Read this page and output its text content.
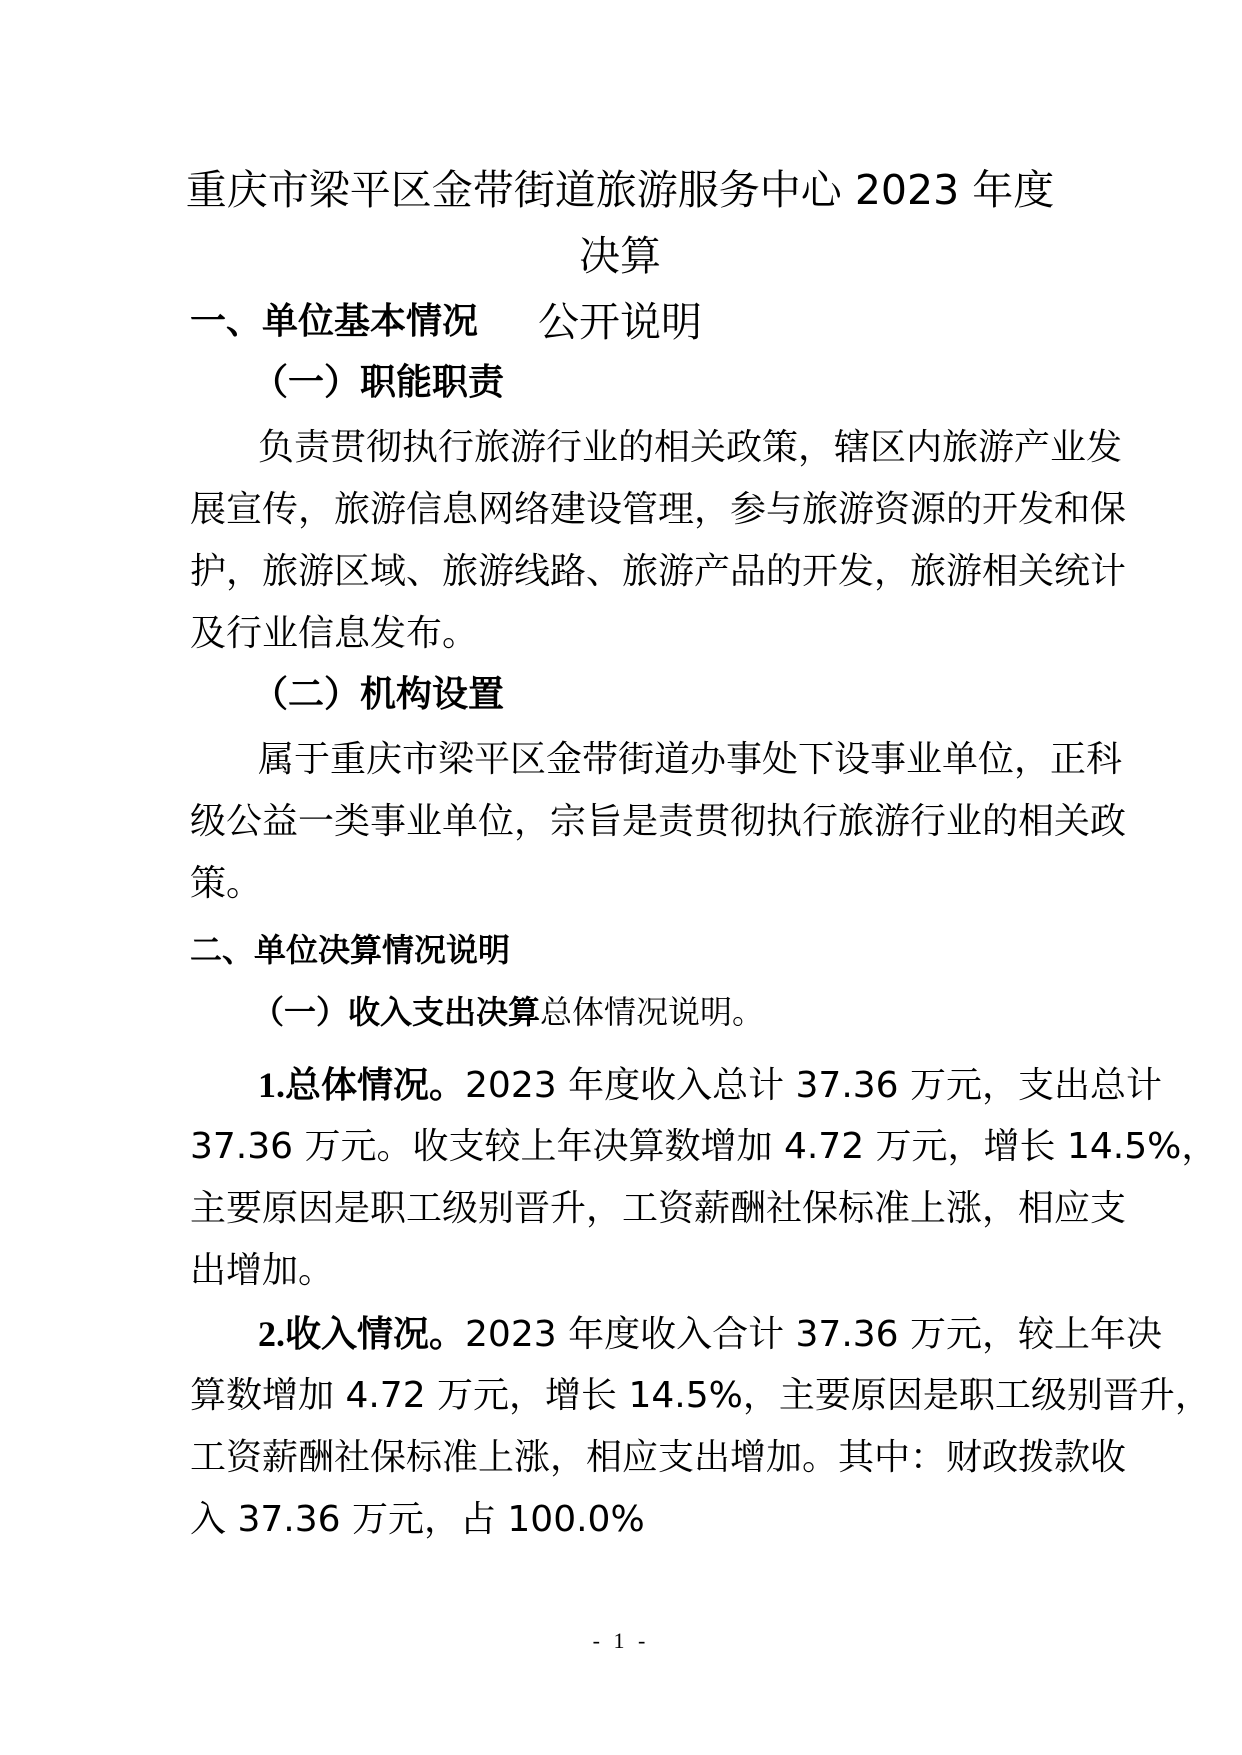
重庆市梁平区金带街道旅游服务中心 2023 年度决算
公开说明
一、单位基本情况
（一）职能职责
负责贯彻执行旅游行业的相关政策，辖区内旅游产业发
展宣传，旅游信息网络建设管理，参与旅游资源的开发和保
护，旅游区域、旅游线路、旅游产品的开发，旅游相关统计
及行业信息发布。
（二）机构设置
属于重庆市梁平区金带街道办事处下设事业单位，正科
级公益一类事业单位，宗旨是责贯彻执行旅游行业的相关政
策。
二、单位决算情况说明
（一）收入支出决算总体情况说明。
1.总体情况。2023 年度收入总计 37.36 万元，支出总计
37.36 万元。收支较上年决算数增加 4.72 万元，增长 14.5%，
主要原因是职工级别晋升，工资薪酬社保标准上涨，相应支
出增加。
2.收入情况。2023 年度收入合计 37.36 万元，较上年决
算数增加 4.72 万元，增长 14.5%，主要原因是职工级别晋升，
工资薪酬社保标准上涨，相应支出增加。其中：财政拨款收
入 37.36 万元，占 100.0%
- 1 -
